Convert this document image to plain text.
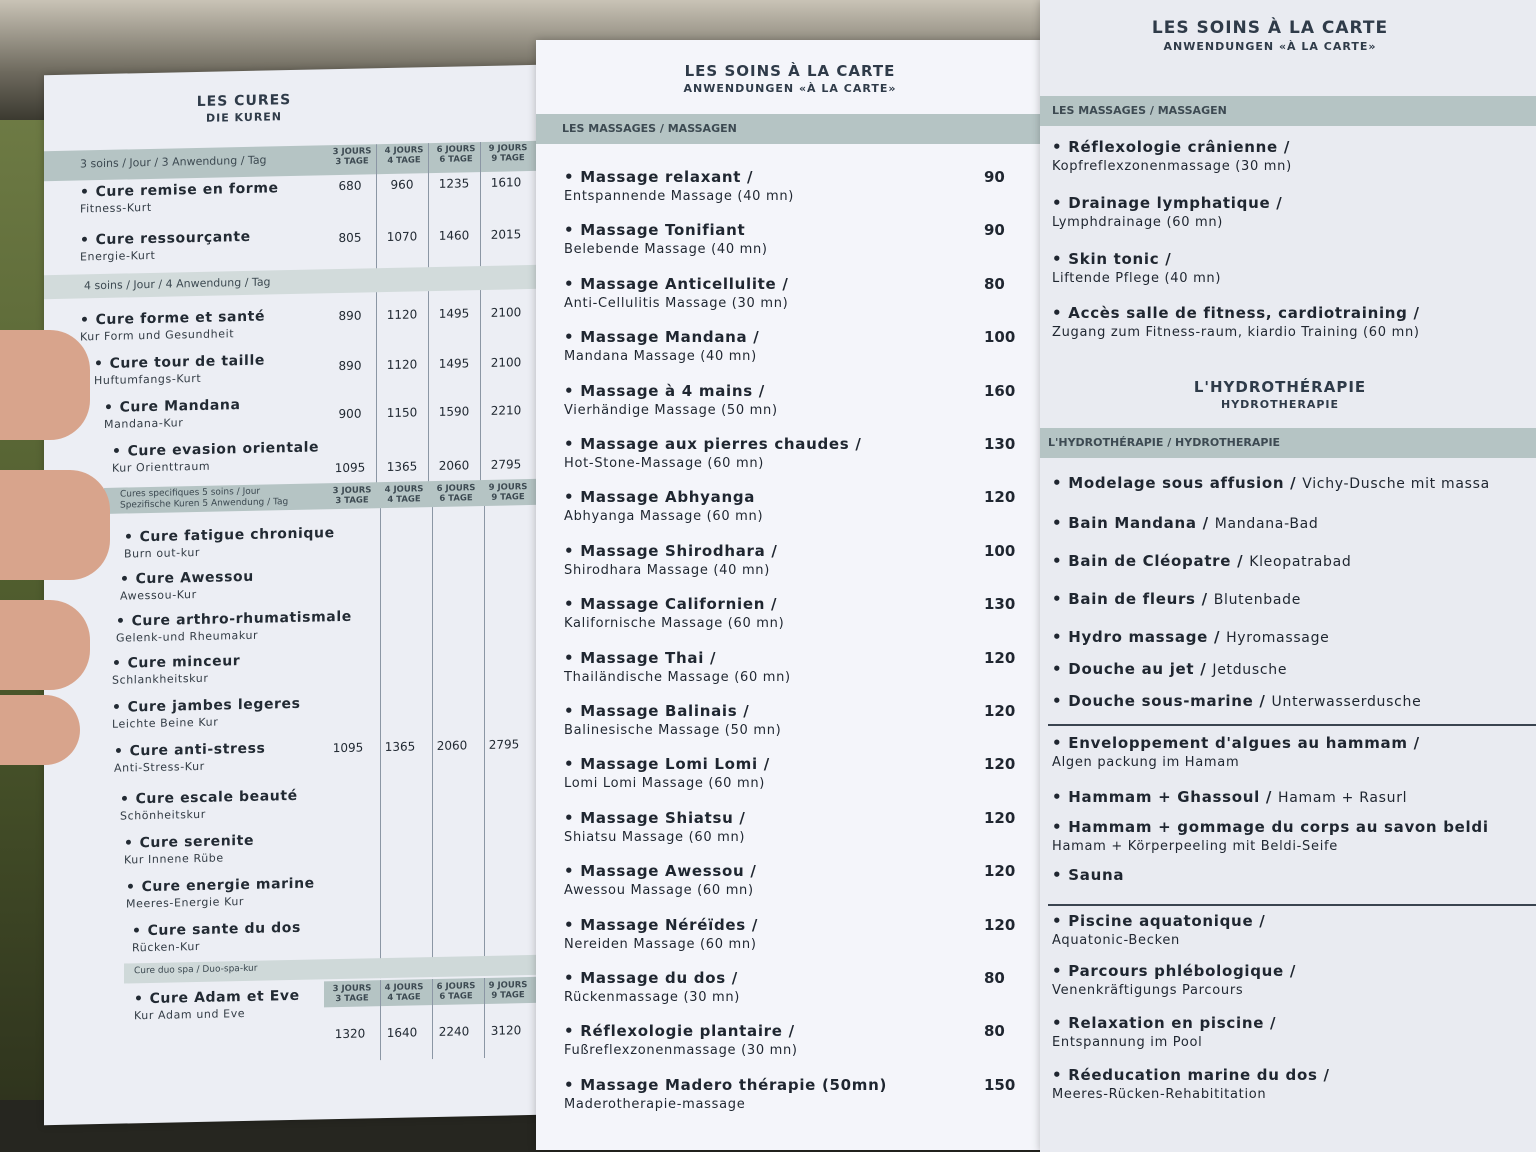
LES CURES
DIE KUREN
3 soins / Jour / 3 Anwendung / Tag
3 JOURS
3 TAGE
4 JOURS
4 TAGE
6 JOURS
6 TAGE
9 JOURS
9 TAGE
• Cure remise en forme
Fitness-Kurt
680	960	1235	1610
• Cure ressourçante
Energie-Kurt
805	1070	1460	2015
4 soins / Jour / 4 Anwendung / Tag
• Cure forme et santé
Kur Form und Gesundheit
890	1120	1495	2100
• Cure tour de taille
Huftumfangs-Kurt
890	1120	1495	2100
• Cure Mandana
Mandana-Kur
900	1150	1590	2210
• Cure evasion orientale
Kur Orienttraum	1095	1365	2060	2795
Cures specifiques 5 soins / Jour
Spezifische Kuren 5 Anwendung / Tag
3 JOURS
3 TAGE
4 JOURS
4 TAGE
6 JOURS
6 TAGE
9 JOURS
9 TAGE
• Cure fatigue chronique
Burn out-kur
• Cure Awessou
Awessou-Kur
• Cure arthro-rhumatismale
Gelenk-und Rheumakur
• Cure minceur
Schlankheitskur
• Cure jambes legeres
Leichte Beine Kur
• Cure anti-stress
Anti-Stress-Kur
1095	1365	2060	2795
• Cure escale beauté
Schönheitskur
• Cure serenite
Kur Innene Rübe
• Cure energie marine
Meeres-Energie Kur
• Cure sante du dos
Rücken-Kur
Cure duo spa / Duo-spa-kur
3 JOURS
3 TAGE
4 JOURS
4 TAGE
6 JOURS
6 TAGE
9 JOURS
9 TAGE
• Cure Adam et Eve
Kur Adam und Eve
1320	1640	2240	3120
LES SOINS À LA CARTE
ANWENDUNGEN «À LA CARTE»
LES MASSAGES / MASSAGEN
• Massage relaxant /
Entspannende Massage (40 mn)
90
• Massage Tonifiant
Belebende Massage (40 mn)
90
• Massage Anticellulite /
Anti-Cellulitis Massage (30 mn)
80
• Massage Mandana /
Mandana Massage (40 mn)
100
• Massage à 4 mains /
Vierhändige Massage (50 mn)
160
• Massage aux pierres chaudes /
Hot-Stone-Massage (60 mn)
130
• Massage Abhyanga
Abhyanga Massage (60 mn)
120
• Massage Shirodhara /
Shirodhara Massage (40 mn)
100
• Massage Californien /
Kalifornische Massage (60 mn)
130
• Massage Thai /
Thailändische Massage (60 mn)
120
• Massage Balinais /
Balinesische Massage (50 mn)
120
• Massage Lomi Lomi /
Lomi Lomi Massage (60 mn)
120
• Massage Shiatsu /
Shiatsu Massage (60 mn)
120
• Massage Awessou /
Awessou Massage (60 mn)
120
• Massage Néréïdes /
Nereiden Massage (60 mn)
120
• Massage du dos /
Rückenmassage (30 mn)
80
• Réflexologie plantaire /
Fußreflexzonenmassage (30 mn)
80
• Massage Madero thérapie (50mn)
Maderotherapie-massage
150
LES SOINS À LA CARTE
ANWENDUNGEN «À LA CARTE»
LES MASSAGES / MASSAGEN
• Réflexologie crânienne /
Kopfreflexzonenmassage (30 mn)
• Drainage lymphatique /
Lymphdrainage (60 mn)
• Skin tonic /
Liftende Pflege (40 mn)
• Accès salle de fitness, cardiotraining /
Zugang zum Fitness-raum, kiardio Training (60 mn)
L'HYDROTHÉRAPIE
HYDROTHERAPIE
L'HYDROTHÉRAPIE / HYDROTHERAPIE
• Modelage sous affusion / Vichy-Dusche mit massa
• Bain Mandana / Mandana-Bad
• Bain de Cléopatre / Kleopatrabad
• Bain de fleurs / Blutenbade
• Hydro massage / Hyromassage
• Douche au jet / Jetdusche
• Douche sous-marine / Unterwasserdusche
• Enveloppement d'algues au hammam /
Algen packung im Hamam
• Hammam + Ghassoul / Hamam + Rasurl
• Hammam + gommage du corps au savon beldi
Hamam + Körperpeeling mit Beldi-Seife
• Sauna
• Piscine aquatonique /
Aquatonic-Becken
• Parcours phlébologique /
Venenkräftigungs Parcours
• Relaxation en piscine /
Entspannung im Pool
• Réeducation marine du dos /
Meeres-Rücken-Rehabititation
